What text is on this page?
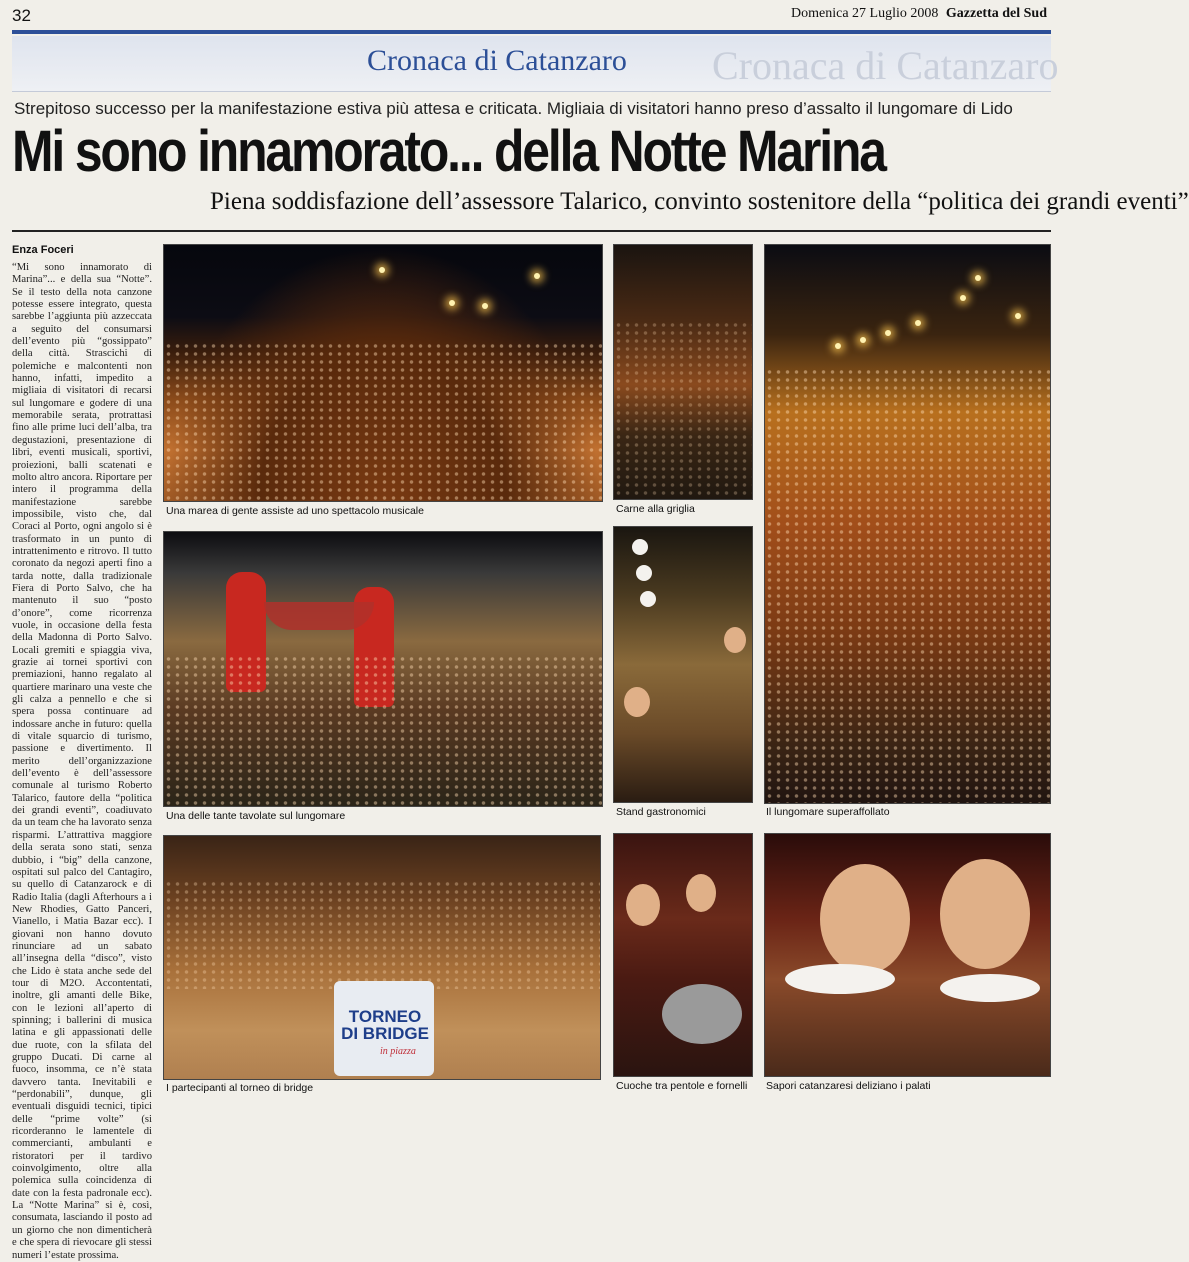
32	Domenica 27 Luglio 2008 Gazzetta del Sud
Cronaca di Catanzaro Cronaca di Catanzaro
Strepitoso successo per la manifestazione estiva più attesa e criticata. Migliaia di visitatori hanno preso d’assalto il lungomare di Lido
Mi sono innamorato... della Notte Marina
Piena soddisfazione dell’assessore Talarico, convinto sostenitore della “politica dei grandi eventi”
Enza Foceri
“Mi sono innamorato di Marina”... e della sua “Notte”. Se il testo della nota canzone potesse essere integrato, questa sarebbe l’aggiunta più azzeccata a seguito del consumarsi dell’evento più “gossippato” della città. Strascichi di polemiche e malcontenti non hanno, infatti, impedito a migliaia di visitatori di recarsi sul lungomare e godere di una memorabile serata, protrattasi fino alle prime luci dell’alba, tra degustazioni, presentazione di libri, eventi musicali, sportivi, proiezioni, balli scatenati e molto altro ancora. Riportare per intero il programma della manifestazione sarebbe impossibile, visto che, dal Coraci al Porto, ogni angolo si è trasformato in un punto di intrattenimento e ritrovo. Il tutto coronato da negozi aperti fino a tarda notte, dalla tradizionale Fiera di Porto Salvo, che ha mantenuto il suo “posto d’onore”, come ricorrenza vuole, in occasione della festa della Madonna di Porto Salvo. Locali gremiti e spiaggia viva, grazie ai tornei sportivi con premiazioni, hanno regalato al quartiere marinaro una veste che gli calza a pennello e che si spera possa continuare ad indossare anche in futuro: quella di vitale squarcio di turismo, passione e divertimento. Il merito dell’organizzazione dell’evento è dell’assessore comunale al turismo Roberto Talarico, fautore della “politica dei grandi eventi”, coadiuvato da un team che ha lavorato senza risparmi. L’attrattiva maggiore della serata sono stati, senza dubbio, i “big” della canzone, ospitati sul palco del Cantagiro, su quello di Catanzarock e di Radio Italia (dagli Afterhours a i New Rhodies, Gatto Panceri, Vianello, i Matia Bazar ecc). I giovani non hanno dovuto rinunciare ad un sabato all’insegna della “disco”, visto che Lido è stata anche sede del tour di M2O. Accontentati, inoltre, gli amanti delle Bike, con le lezioni all’aperto di spinning; i ballerini di musica latina e gli appassionati delle due ruote, con la sfilata del gruppo Ducati. Di carne al fuoco, insomma, ce n’è stata davvero tanta. Inevitabili e “perdonabili”, dunque, gli eventuali disguidi tecnici, tipici delle “prime volte” (si ricorderanno le lamentele di commercianti, ambulanti e ristoratori per il tardivo coinvolgimento, oltre alla polemica sulla coincidenza di date con la festa padronale ecc). La “Notte Marina” si è, così, consumata, lasciando il posto ad un giorno che non dimenticherà e che spera di rievocare gli stessi numeri l’estate prossima.
Una marea di gente assiste ad uno spettacolo musicale	Carne alla griglia
Il lungomare superaffollato
Una delle tante tavolate sul lungomare	Stand gastronomici
TORNEO DI BRIDGE
in piazza
I partecipanti al torneo di bridge	Cuoche tra pentole e fornelli Sapori catanzaresi deliziano i palati
